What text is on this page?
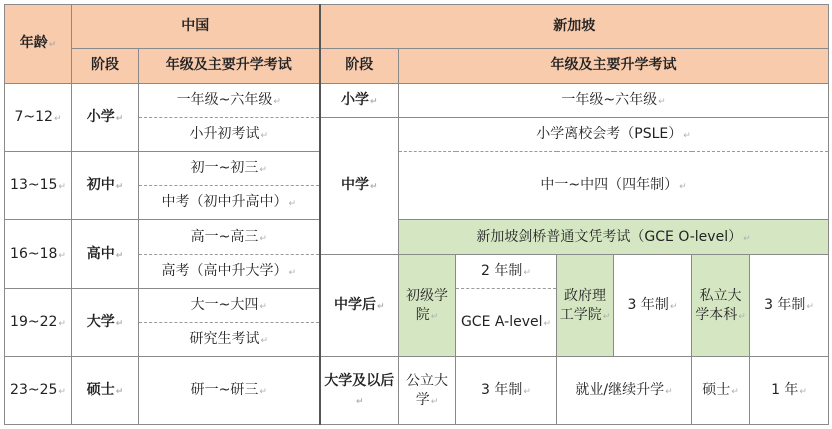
年龄↵	中国		新加坡						
	阶段	年级及主要升学考试	阶段	年级及主要升学考试					
7~12↵	小学↵	一年级~六年级↵	小学↵	一年级~六年级↵					
		小升初考试↵	中学↵	小学离校会考（PSLE）↵					
13~15↵	初中↵	初一~初三↵		中一~中四（四年制）↵					
		中考（初中升高中）↵							
16~18↵	高中↵	高一~高三↵		新加坡剑桥普通文凭考试（GCE O-level）↵					
		高考（高中升大学）↵	中学后↵	初级学院↵	2 年制↵	政府理工学院↵	3 年制↵	私立大学本科↵	3 年制↵
19~22↵	大学↵	大一~大四↵			GCE A-level↵				
		研究生考试↵							
23~25↵	硕士↵	研一~研三↵	大学及以后↵	公立大学↵	3 年制↵	就业/继续升学↵		硕士↵	1 年↵
